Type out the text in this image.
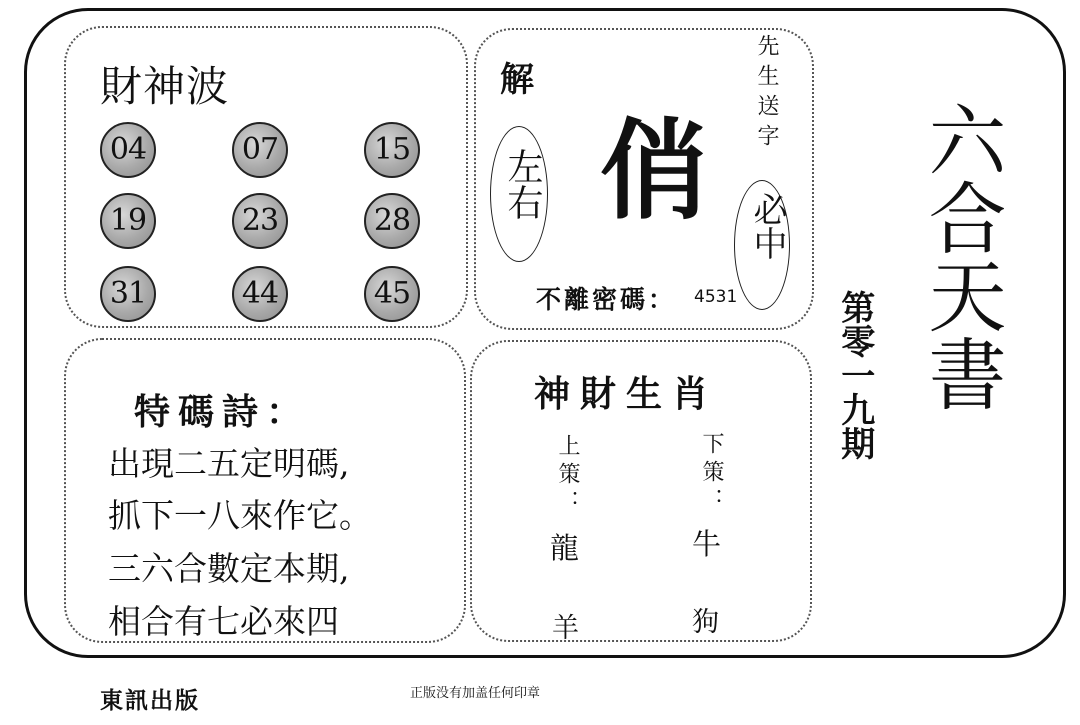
財神波
04	07	15
19	23	28
31	44	45
解
左右 俏
先生送字
必中
不離密碼： 4531
特碼詩：
出現二五定明碼,
抓下一八來作它。
三六合數定本期,
相合有七必來四
神財生肖
上策：
龍
羊
下策：
牛
狗
六合天書
第零一九期
東訊出版	正版没有加盖任何印章
